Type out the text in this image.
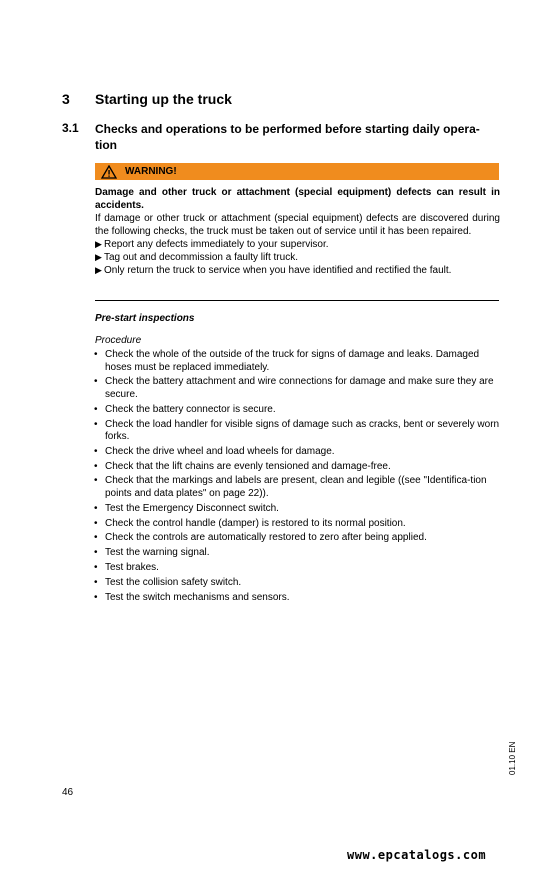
3 Starting up the truck
3.1 Checks and operations to be performed before starting daily opera-tion
WARNING!

Damage and other truck or attachment (special equipment) defects can result in accidents.

If damage or other truck or attachment (special equipment) defects are discovered during the following checks, the truck must be taken out of service until it has been repaired.

▶ Report any defects immediately to your supervisor.
▶ Tag out and decommission a faulty lift truck.
▶ Only return the truck to service when you have identified and rectified the fault.
Pre-start inspections
Procedure
• Check the whole of the outside of the truck for signs of damage and leaks. Damaged hoses must be replaced immediately.
• Check the battery attachment and wire connections for damage and make sure they are secure.
• Check the battery connector is secure.
• Check the load handler for visible signs of damage such as cracks, bent or severely worn forks.
• Check the drive wheel and load wheels for damage.
• Check that the lift chains are evenly tensioned and damage-free.
• Check that the markings and labels are present, clean and legible ((see "Identifica-tion points and data plates" on page 22)).
• Test the Emergency Disconnect switch.
• Check the control handle (damper) is restored to its normal position.
• Check the controls are automatically restored to zero after being applied.
• Test the warning signal.
• Test brakes.
• Test the collision safety switch.
• Test the switch mechanisms and sensors.
01.10 EN
46
www.epcatalogs.com
